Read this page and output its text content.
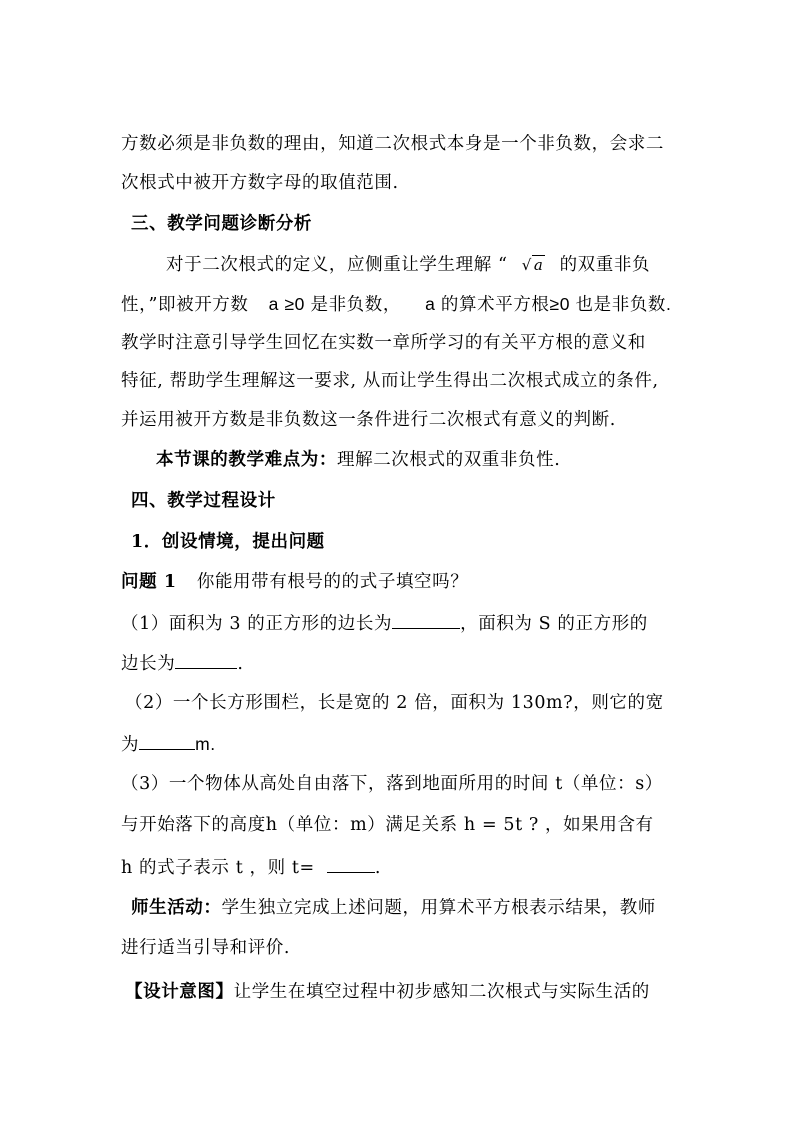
方数必须是非负数的理由，知道二次根式本身是一个非负数，会求二
次根式中被开方数字母的取值范围.
三、教学问题诊断分析
对于二次根式的定义，应侧重让学生理解 “ √ a 的双重非负
性，”即被开方数 a ≥0 是非负数， a 的算术平方根≥0 也是非负数.
教学时注意引导学生回忆在实数一章所学习的有关平方根的意义和
特征, 帮助学生理解这一要求, 从而让学生得出二次根式成立的条件,
并运用被开方数是非负数这一条件进行二次根式有意义的判断.
本节课的教学难点为：理解二次根式的双重非负性.
四、教学过程设计
1．创设情境，提出问题
问题 1 你能用带有根号的的式子填空吗？
（1）面积为 3 的正方形的边长为	，面积为 S 的正方形的
边长为	.
（2）一个长方形围栏，长是宽的 2 倍，面积为 130m?，则它的宽
为	m.
（3）一个物体从高处自由落下，落到地面所用的时间 t（单位：s）
与开始落下的高度h（单位：m）满足关系 h = 5t ? ，如果用含有
h 的式子表示 t ，则 t=	.
师生活动：学生独立完成上述问题，用算术平方根表示结果，教师
进行适当引导和评价.
【设计意图】让学生在填空过程中初步感知二次根式与实际生活的
